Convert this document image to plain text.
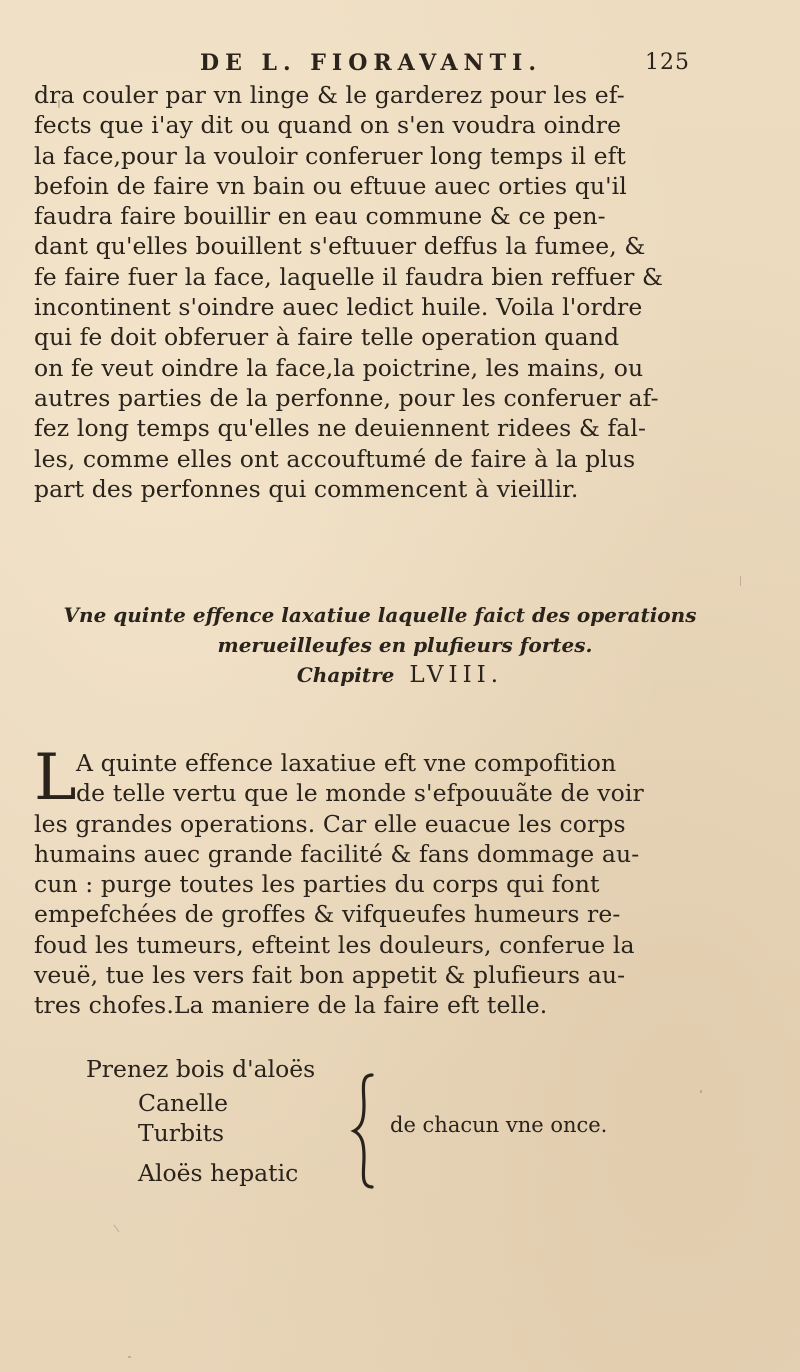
DE L. FIORAVANTI.	125
dra couler par vn linge & le garderez pour les ef-
fects que i'ay dit ou quand on s'en voudra oindre
la face,pour la vouloir conferuer long temps il eft
befoin de faire vn bain ou eftuue auec orties qu'il
faudra faire bouillir en eau commune & ce pen-
dant qu'elles bouillent s'eftuuer deffus la fumee, &
fe faire fuer la face, laquelle il faudra bien reffuer &
incontinent s'oindre auec ledict huile. Voila l'ordre
qui fe doit obferuer à faire telle operation quand
on fe veut oindre la face,la poictrine, les mains, ou
autres parties de la perfonne, pour les conferuer af-
fez long temps qu'elles ne deuiennent ridees & fal-
les, comme elles ont accouftumé de faire à la plus
part des perfonnes qui commencent à vieillir.
Vne quinte effence laxatiue laquelle faict des operations
merueilleufes en plufieurs fortes.
Chapitre LVIII.
L A quinte effence laxatiue eft vne compofition
de telle vertu que le monde s'efpouuãte de voir
les grandes operations. Car elle euacue les corps
humains auec grande facilité & fans dommage au-
cun : purge toutes les parties du corps qui font
empefchées de groffes & vifqueufes humeurs re-
foud les tumeurs, efteint les douleurs, conferue la
veuë, tue les vers fait bon appetit & plufieurs au-
tres chofes.La maniere de la faire eft telle.
Prenez bois d'aloës
Canelle
Turbits
Aloës hepatic
de chacun vne once.
